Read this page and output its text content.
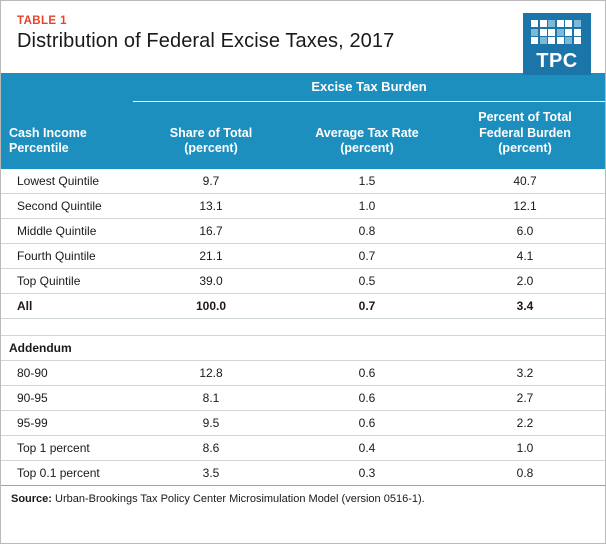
TABLE 1
Distribution of Federal Excise Taxes, 2017
TPC
	Excise Tax Burden		

Cash Income
Percentile

Share of Total
(percent)

Average Tax Rate
(percent)

Percent of Total
Federal Burden
(percent)

Lowest Quintile	9.7	1.5	40.7
Second Quintile	13.1	1.0	12.1
Middle Quintile	16.7	0.8	6.0
Fourth Quintile	21.1	0.7	4.1
Top Quintile	39.0	0.5	2.0
All	100.0	0.7	3.4

Addendum			
80-90	12.8	0.6	3.2
90-95	8.1	0.6	2.7
95-99	9.5	0.6	2.2
Top 1 percent	8.6	0.4	1.0
Top 0.1 percent	3.5	0.3	0.8
Source: Urban-Brookings Tax Policy Center Microsimulation Model (version 0516-1).
